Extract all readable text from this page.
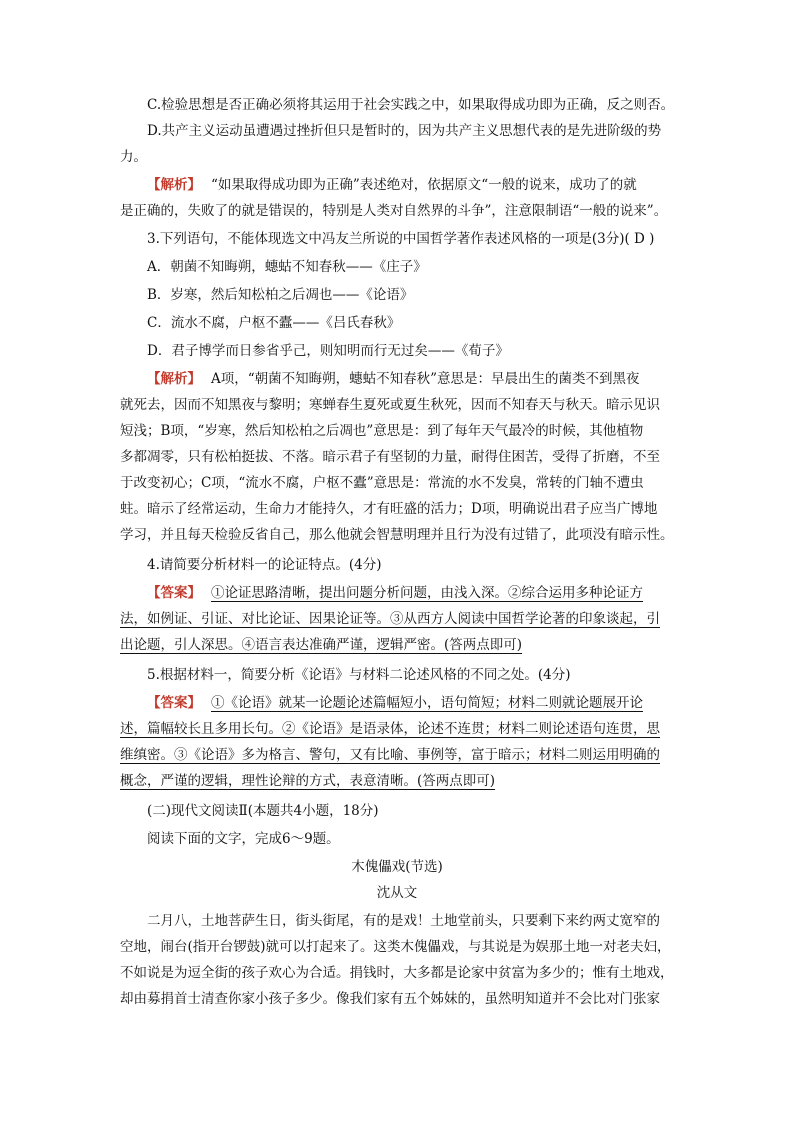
C.检验思想是否正确必须将其运用于社会实践之中，如果取得成功即为正确，反之则否。
D.共产主义运动虽遭遇过挫折但只是暂时的，因为共产主义思想代表的是先进阶级的势
力。
【解析】 “如果取得成功即为正确”表述绝对，依据原文“一般的说来，成功了的就
是正确的，失败了的就是错误的，特别是人类对自然界的斗争”，注意限制语“一般的说来”。
3.下列语句，不能体现选文中冯友兰所说的中国哲学著作表述风格的一项是(3分)( D )
A．朝菌不知晦朔，蟪蛄不知春秋——《庄子》
B．岁寒，然后知松柏之后凋也——《论语》
C．流水不腐，户枢不蠹——《吕氏春秋》
D．君子博学而日参省乎己，则知明而行无过矣——《荀子》
【解析】 A项，“朝菌不知晦朔，蟪蛄不知春秋”意思是：早晨出生的菌类不到黑夜
就死去，因而不知黑夜与黎明；寒蝉春生夏死或夏生秋死，因而不知春天与秋天。暗示见识
短浅；B项，“岁寒，然后知松柏之后凋也”意思是：到了每年天气最冷的时候，其他植物
多都凋零，只有松柏挺拔、不落。暗示君子有坚韧的力量，耐得住困苦，受得了折磨，不至
于改变初心；C项，“流水不腐，户枢不蠹”意思是：常流的水不发臭，常转的门轴不遭虫
蛀。暗示了经常运动，生命力才能持久，才有旺盛的活力；D项，明确说出君子应当广博地
学习，并且每天检验反省自己，那么他就会智慧明理并且行为没有过错了，此项没有暗示性。
4.请简要分析材料一的论证特点。(4分)
【答案】 ①论证思路清晰，提出问题分析问题，由浅入深。②综合运用多种论证方
法，如例证、引证、对比论证、因果论证等。③从西方人阅读中国哲学论著的印象谈起，引
出论题，引人深思。④语言表达准确严谨，逻辑严密。(答两点即可)
5.根据材料一，简要分析《论语》与材料二论述风格的不同之处。(4分)
【答案】 ①《论语》就某一论题论述篇幅短小，语句简短；材料二则就论题展开论
述，篇幅较长且多用长句。②《论语》是语录体，论述不连贯；材料二则论述语句连贯，思
维缜密。③《论语》多为格言、警句，又有比喻、事例等，富于暗示；材料二则运用明确的
概念，严谨的逻辑，理性论辩的方式，表意清晰。(答两点即可)
(二)现代文阅读Ⅱ(本题共4小题，18分)
阅读下面的文字，完成6～9题。
木傀儡戏(节选)
沈从文
二月八，土地菩萨生日，街头街尾，有的是戏！土地堂前头，只要剩下来约两丈宽窄的
空地，闹台(指开台锣鼓)就可以打起来了。这类木傀儡戏，与其说是为娱那土地一对老夫妇，
不如说是为逗全街的孩子欢心为合适。捐钱时，大多都是论家中贫富为多少的；惟有土地戏，
却由募捐首士清查你家小孩子多少。像我们家有五个姊妹的，虽然明知道并不会比对门张家
